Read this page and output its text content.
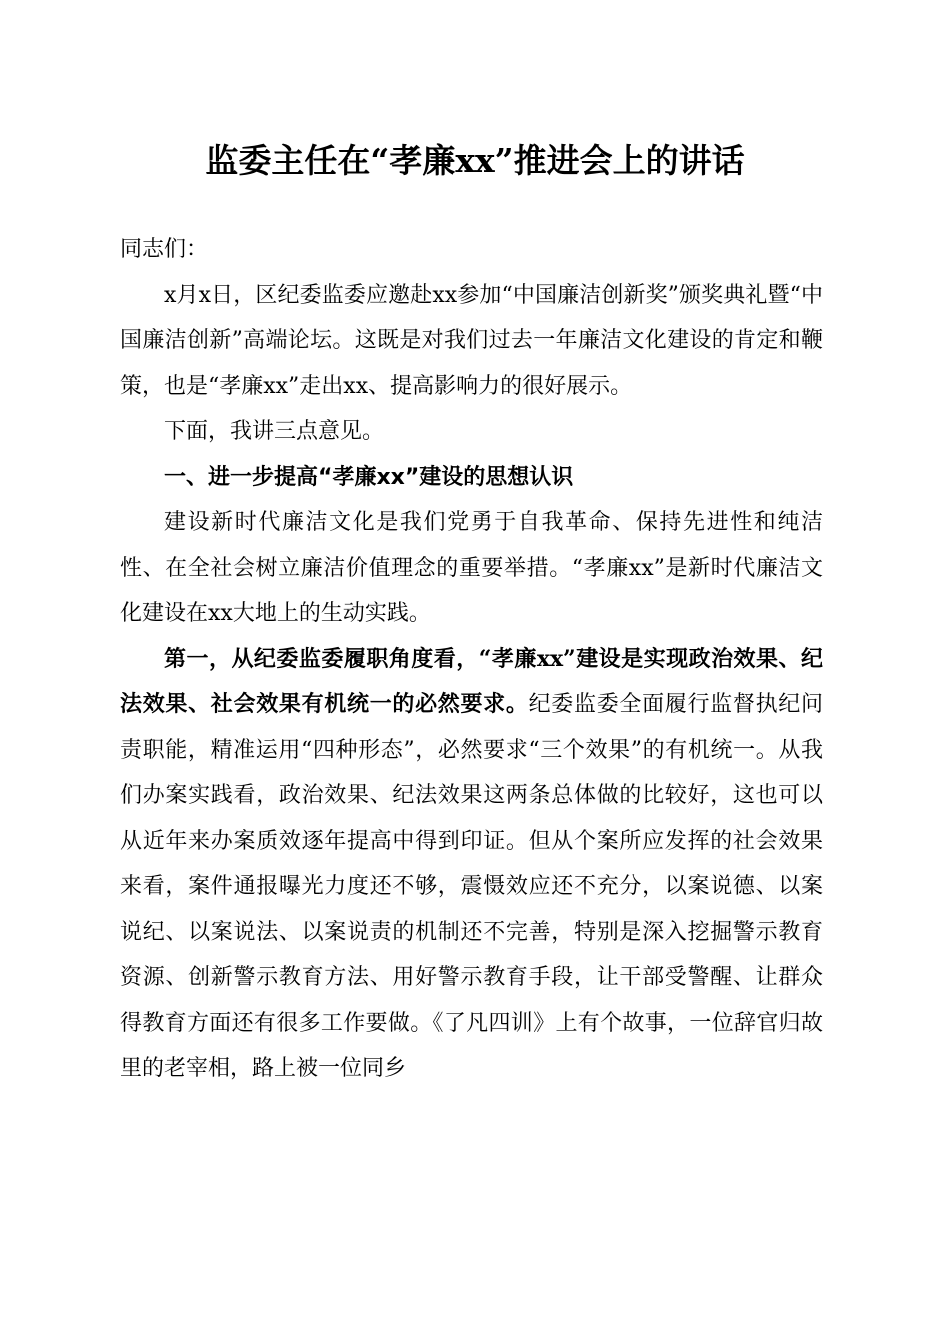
监委主任在“孝廉xx”推进会上的讲话

同志们：

x月x日，区纪委监委应邀赴xx参加“中国廉洁创新奖”颁奖典礼暨“中国廉洁创新”高端论坛。这既是对我们过去一年廉洁文化建设的肯定和鞭策，也是“孝廉xx”走出xx、提高影响力的很好展示。

下面，我讲三点意见。

一、进一步提高“孝廉xx”建设的思想认识

建设新时代廉洁文化是我们党勇于自我革命、保持先进性和纯洁性、在全社会树立廉洁价值理念的重要举措。“孝廉xx”是新时代廉洁文化建设在xx大地上的生动实践。

第一，从纪委监委履职角度看，“孝廉xx”建设是实现政治效果、纪法效果、社会效果有机统一的必然要求。纪委监委全面履行监督执纪问责职能，精准运用“四种形态”，必然要求“三个效果”的有机统一。从我们办案实践看，政治效果、纪法效果这两条总体做的比较好，这也可以从近年来办案质效逐年提高中得到印证。但从个案所应发挥的社会效果来看，案件通报曝光力度还不够，震慑效应还不充分，以案说德、以案说纪、以案说法、以案说责的机制还不完善，特别是深入挖掘警示教育资源、创新警示教育方法、用好警示教育手段，让干部受警醒、让群众得教育方面还有很多工作要做。《了凡四训》上有个故事，一位辞官归故里的老宰相，路上被一位同乡
